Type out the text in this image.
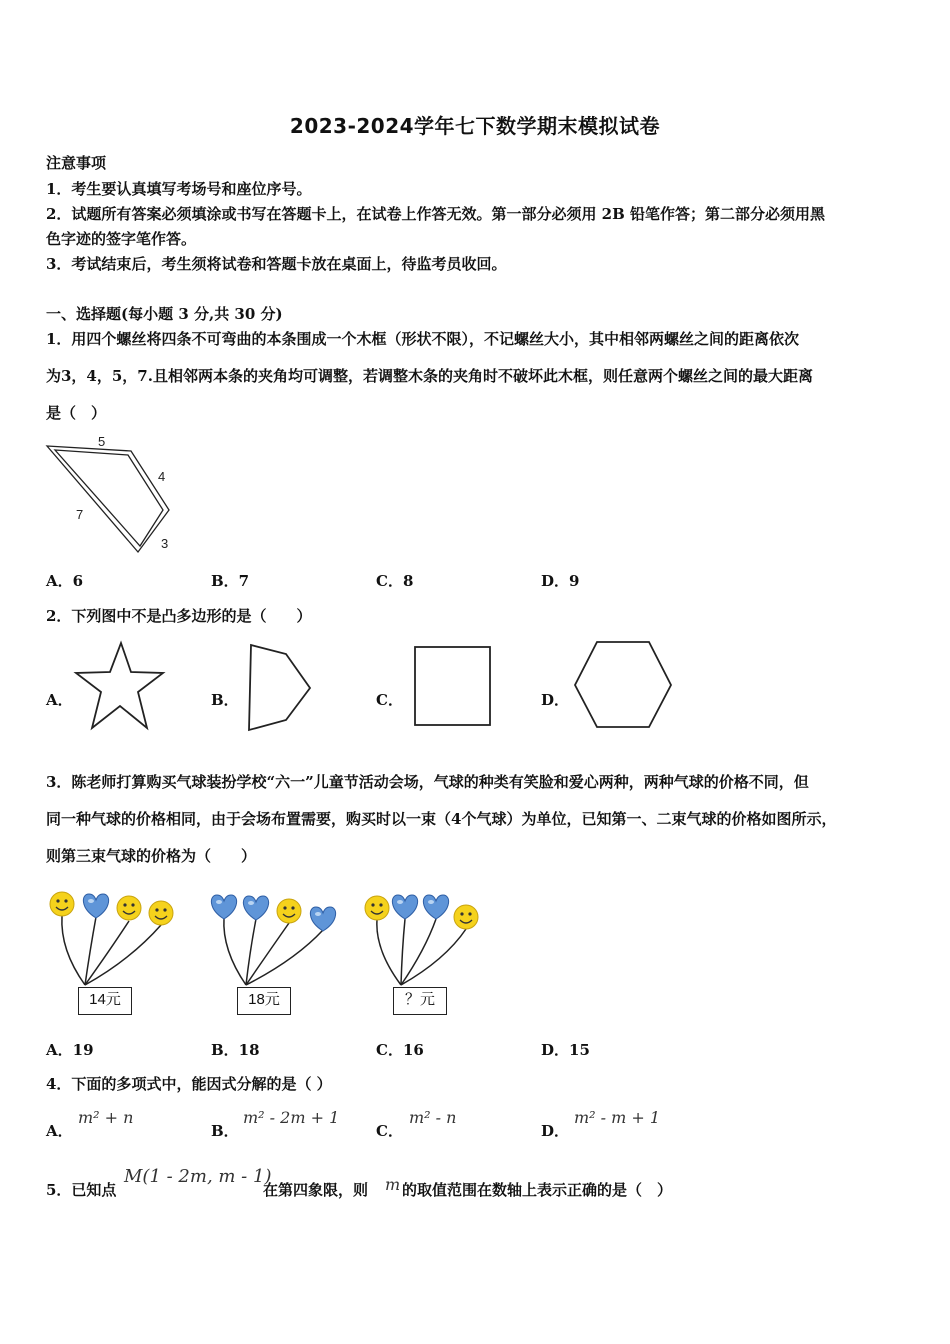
2023-2024学年七下数学期末模拟试卷
注意事项
1．考生要认真填写考场号和座位序号。
2．试题所有答案必须填涂或书写在答题卡上，在试卷上作答无效。第一部分必须用 2B 铅笔作答；第二部分必须用黑
色字迹的签字笔作答。
3．考试结束后，考生须将试卷和答题卡放在桌面上，待监考员收回。
一、选择题(每小题 3 分,共 30 分)
1．用四个螺丝将四条不可弯曲的本条围成一个木框（形状不限），不记螺丝大小，其中相邻两螺丝之间的距离依次
为3，4，5，7.且相邻两本条的夹角均可调整，若调整木条的夹角时不破坏此木框，则任意两个螺丝之间的最大距离
是（　）
5
4
7
3
A．6	B．7	C．8	D．9
2．下列图中不是凸多边形的是（　　）
A．	B．	C．	D．
3．陈老师打算购买气球装扮学校“六一”儿童节活动会场，气球的种类有笑脸和爱心两种，两种气球的价格不同，但
同一种气球的价格相同，由于会场布置需要，购买时以一束（4个气球）为单位，已知第一、二束气球的价格如图所示，
则第三束气球的价格为（　　）
14元	18元	？元
A．19	B．18	C．16	D．15
4．下面的多项式中，能因式分解的是（ ）
A．
m² + n
B．
m² - 2m + 1
C．
m² - n
D．
m² - m + 1
5．已知点
M(1 - 2m, m - 1)
在第四象限，则 m 的取值范围在数轴上表示正确的是（　）
